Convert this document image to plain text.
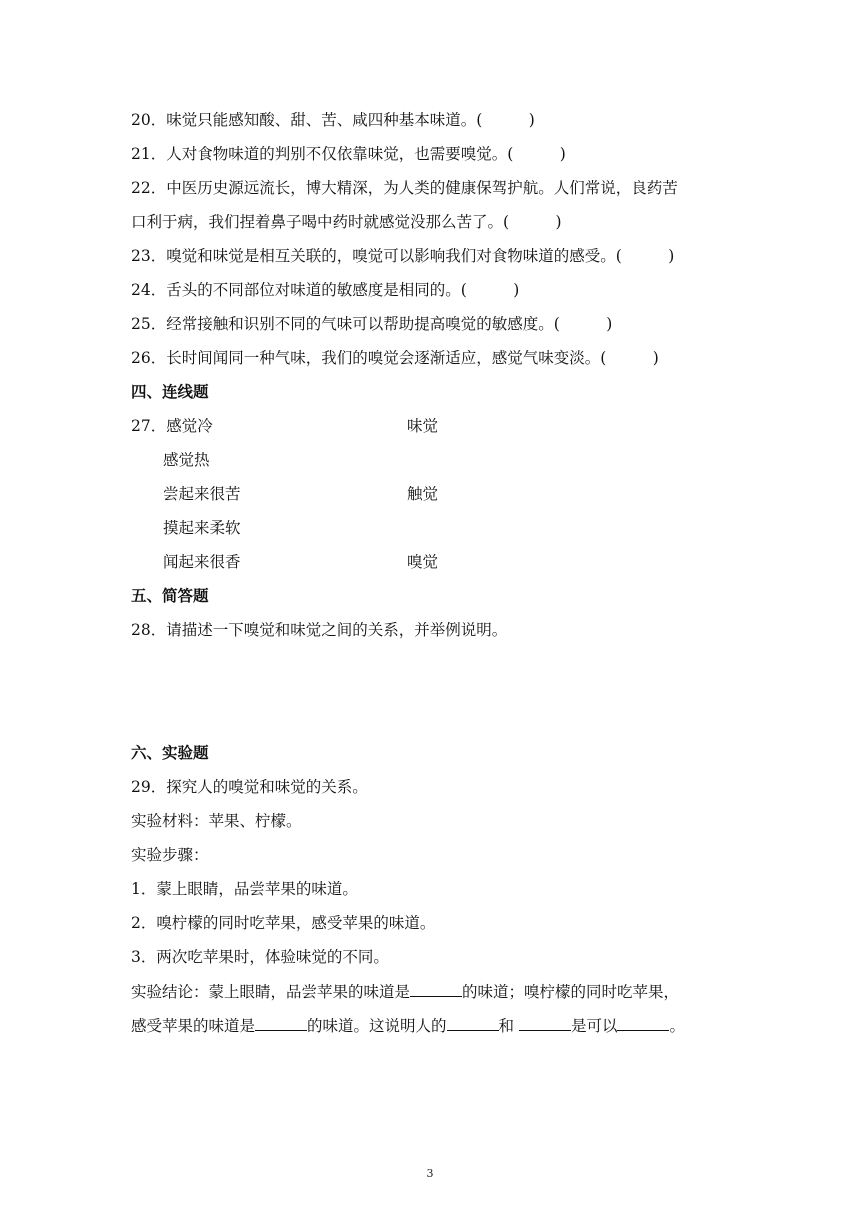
20．味觉只能感知酸、甜、苦、咸四种基本味道。(　　　)
21．人对食物味道的判别不仅依靠味觉，也需要嗅觉。(　　　)
22．中医历史源远流长，博大精深，为人类的健康保驾护航。人们常说，良药苦
口利于病，我们捏着鼻子喝中药时就感觉没那么苦了。(　　　)
23．嗅觉和味觉是相互关联的，嗅觉可以影响我们对食物味道的感受。(　　　)
24．舌头的不同部位对味道的敏感度是相同的。(　　　)
25．经常接触和识别不同的气味可以帮助提高嗅觉的敏感度。(　　　)
26．长时间闻同一种气味，我们的嗅觉会逐渐适应，感觉气味变淡。(　　　)
四、连线题
27．感觉冷	味觉
感觉热
尝起来很苦	触觉
摸起来柔软
闻起来很香	嗅觉
五、简答题
28．请描述一下嗅觉和味觉之间的关系，并举例说明。
六、实验题
29．探究人的嗅觉和味觉的关系。
实验材料：苹果、柠檬。
实验步骤：
1．蒙上眼睛，品尝苹果的味道。
2．嗅柠檬的同时吃苹果，感受苹果的味道。
3．两次吃苹果时，体验味觉的不同。
实验结论：蒙上眼睛，品尝苹果的味道是	的味道；嗅柠檬的同时吃苹果，
感受苹果的味道是	的味道。这说明人的	和	是可以	。
3
